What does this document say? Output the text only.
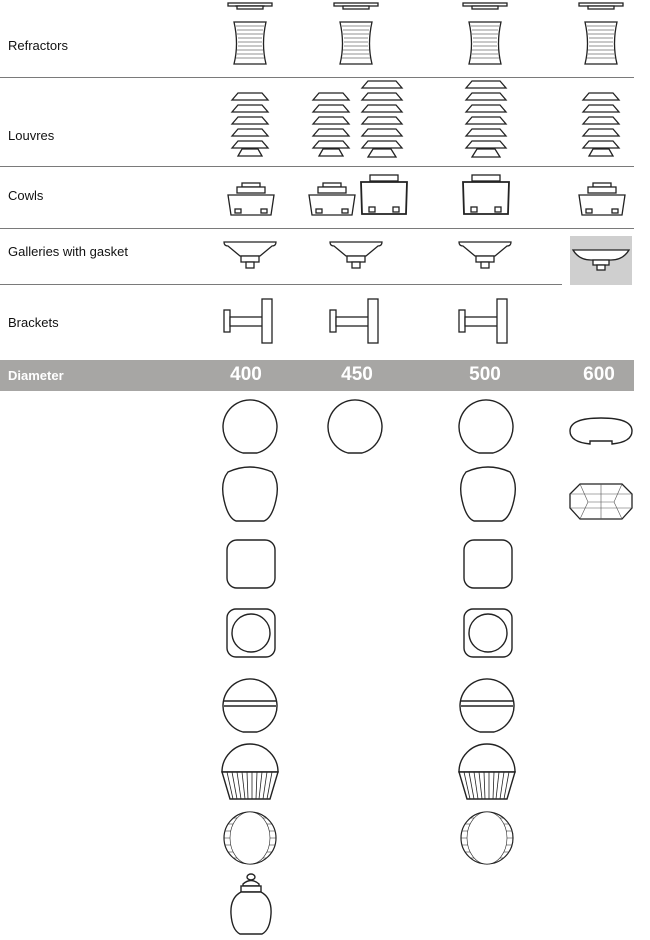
Refractors
Louvres
Cowls
Galleries with gasket
Brackets
Diameter	400	450	500	600
